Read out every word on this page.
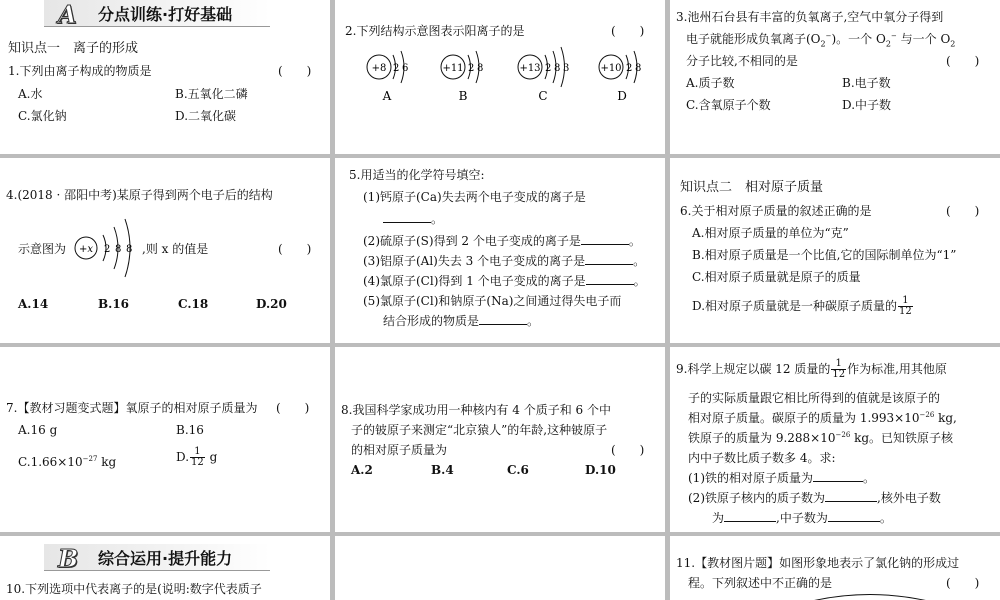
A 分点训练·打好基础
知识点一　离子的形成
1.下列由离子构成的物质是	(　　)
A.水	B.五氧化二磷
C.氯化钠	D.二氧化碳
2.下列结构示意图表示阳离子的是	(　　)
+8 2 6
A
+11 2 8
B
+13 2 8 3
C
+10 2 8
D
3.池州石台县有丰富的负氧离子,空气中氧分子得到
电子就能形成负氧离子$(O_2^-)$。一个 $O_2^-$ 与一个 $O_2$
分子比较,不相同的是	(　　)
A.质子数	B.电子数
C.含氧原子个数	D.中子数
4.(2018 · 邵阳中考)某原子得到两个电子后的结构
示意图为 +x 2 8 8 ,则 x 的值是	(　　)
A.14	B.16	C.18	D.20
5.用适当的化学符号填空:
(1)钙原子(Ca)失去两个电子变成的离子是
。
(2)硫原子(S)得到 2 个电子变成的离子是	。
(3)铝原子(Al)失去 3 个电子变成的离子是	。
(4)氯原子(Cl)得到 1 个电子变成的离子是	。
(5)氯原子(Cl)和钠原子(Na)之间通过得失电子而
结合形成的物质是	。
知识点二　相对原子质量
6.关于相对原子质量的叙述正确的是	(　　)
A.相对原子质量的单位为“克”
B.相对原子质量是一个比值,它的国际制单位为“1”
C.相对原子质量就是原子的质量
D.相对原子质量就是一种碳原子质量的 $\frac{1}{12}$
7.【教材习题变式题】氧原子的相对原子质量为 (　　)
A.16 g	B.16
$C.1.66\times 10^{-27}$ kg	D. $\frac{1}{12}$ g
8.我国科学家成功用一种核内有 4 个质子和 6 个中
子的铍原子来测定“北京猿人”的年龄,这种铍原子
的相对原子质量为	(　　)
A.2	B.4	C.6	D.10
9.科学上规定以碳 12 质量的 $\frac{1}{12}$ 作为标准,用其他原
子的实际质量跟它相比所得到的值就是该原子的
相对原子质量。碳原子的质量为 $1.993\times 10^{-26}$ kg,
铁原子的质量为 $9.288\times 10^{-26}$ kg。已知铁原子核
内中子数比质子数多 4。求:
(1)铁的相对原子质量为	。
(2)铁原子核内的质子数为	,核外电子数
为	,中子数为	。
B 综合运用·提升能力
10.下列选项中代表离子的是(说明:数字代表质子
11.【教材图片题】如图形象地表示了氯化钠的形成过
程。下列叙述中不正确的是	(　　)
